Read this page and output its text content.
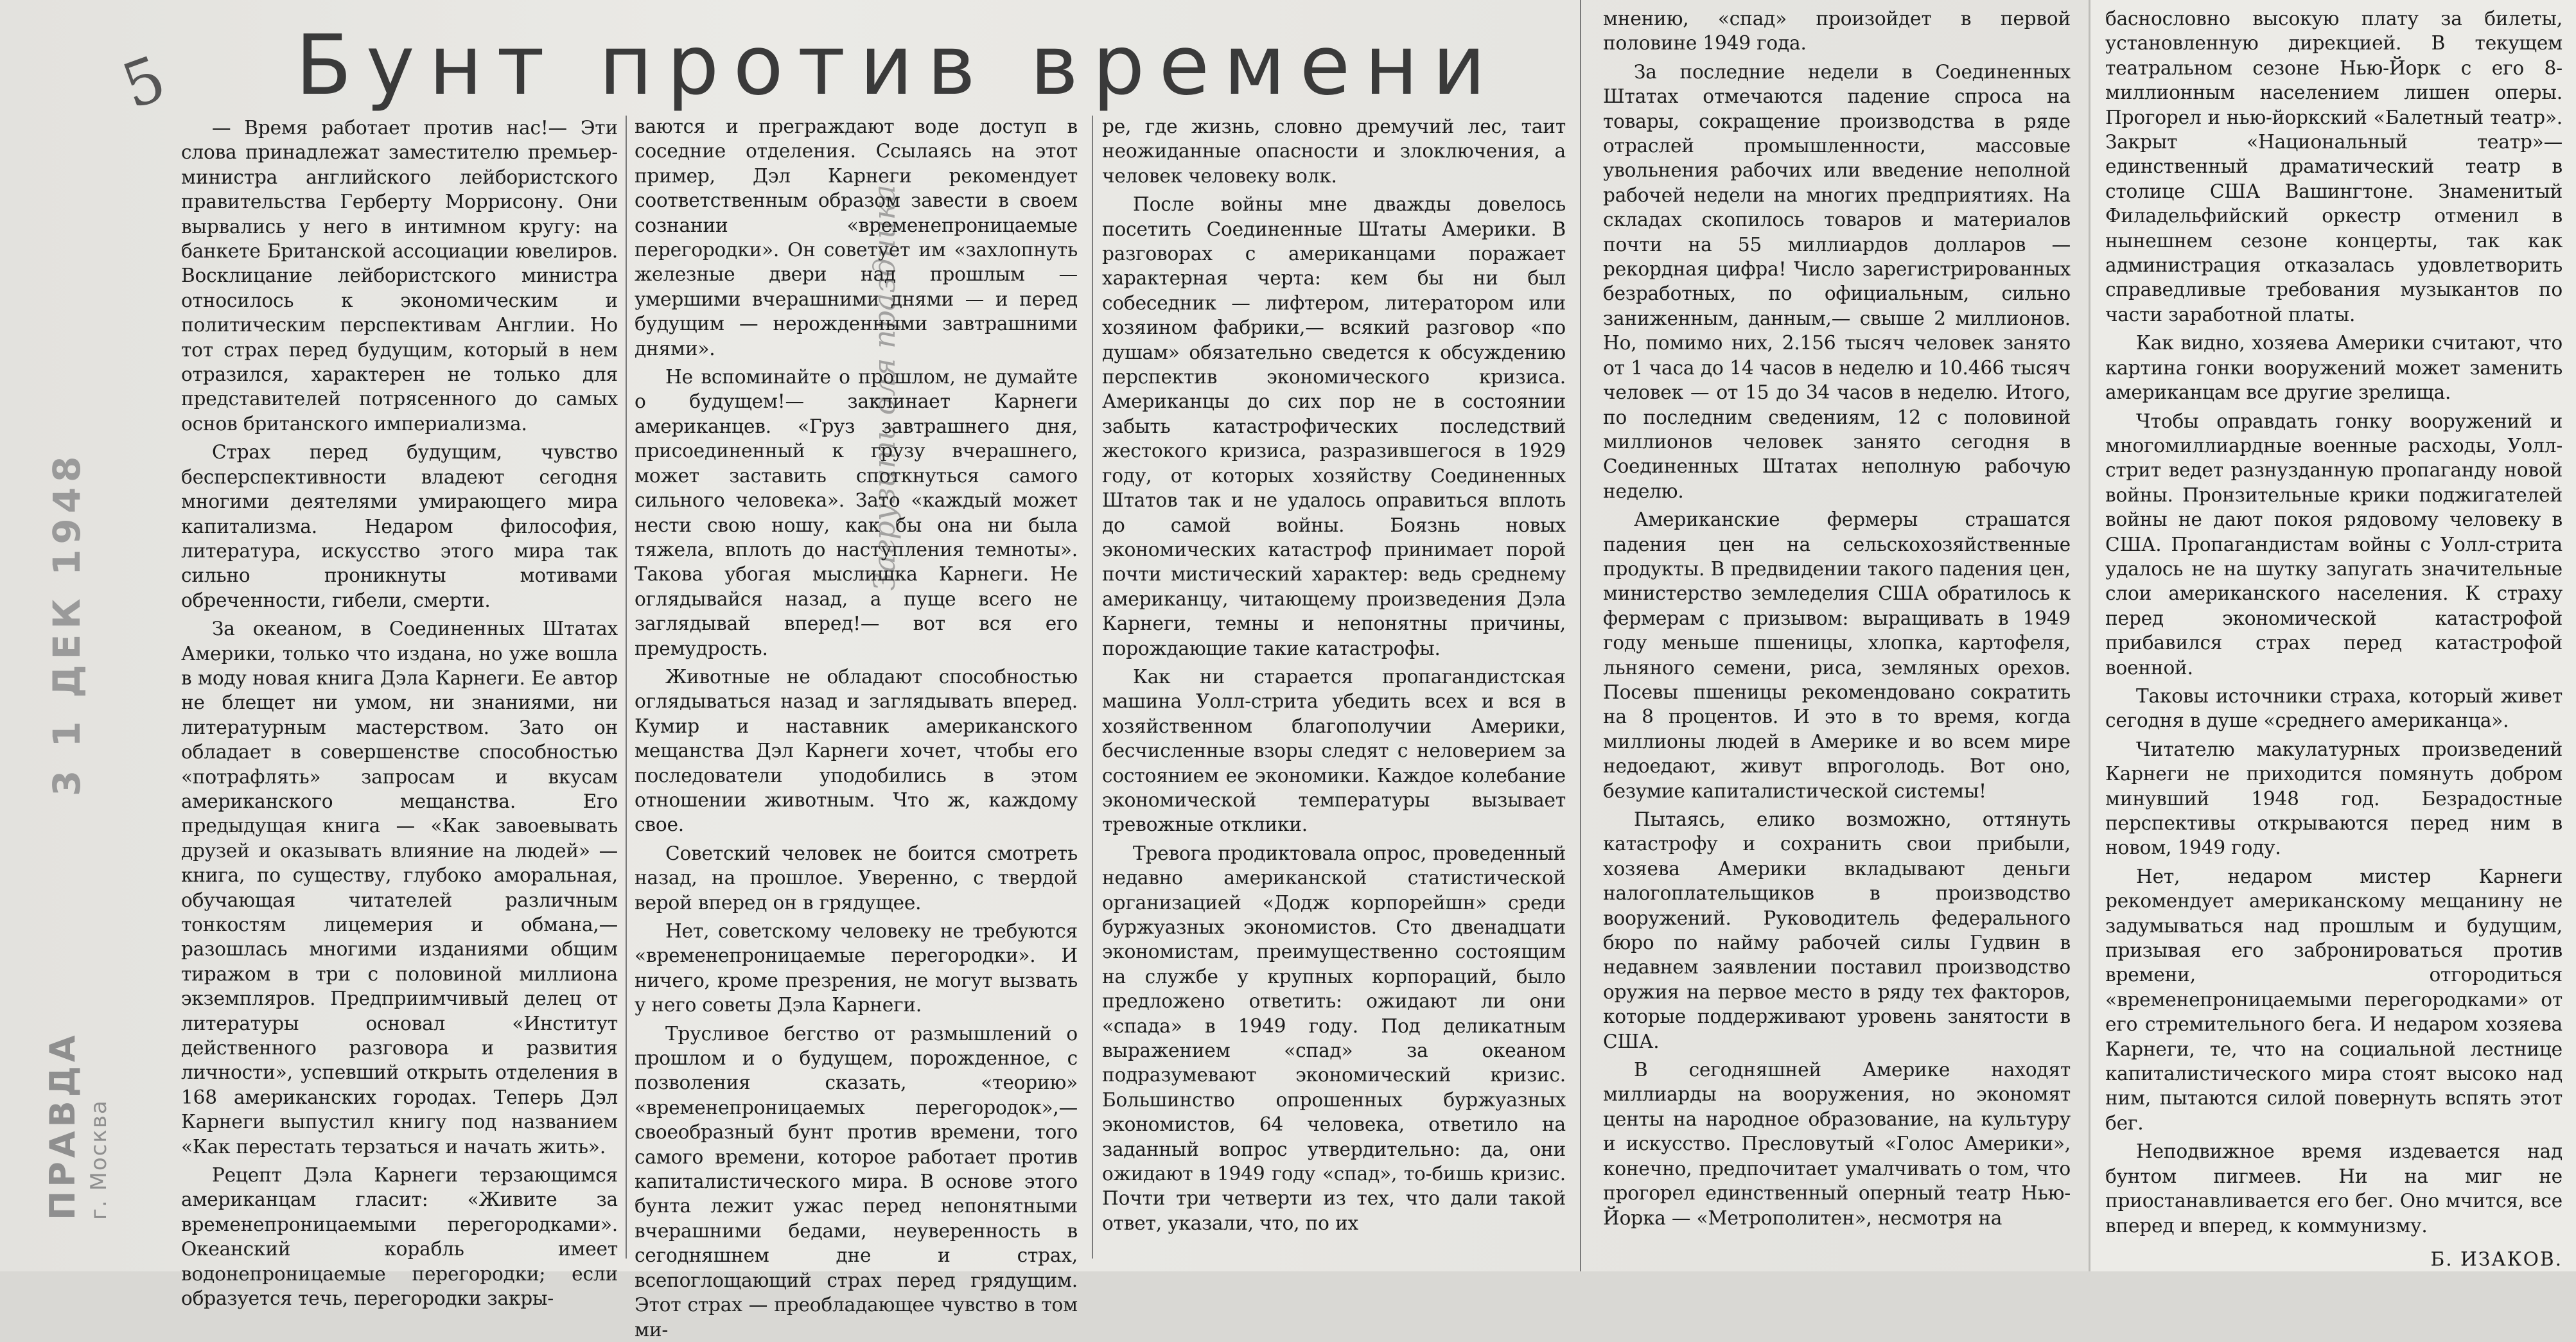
5
Загрузить для праздника
3 1 ДЕК 1948
ПРАВДА г. Москва
Бунт против времени

— Время работает против нас!— Эти слова принадлежат заместителю премьер-министра английского лейбористского правительства Герберту Моррисону. Они вырвались у него в интимном кругу: на банкете Британской ассоциации ювелиров. Восклицание лейбористского министра относилось к экономическим и политическим перспективам Англии. Но тот страх перед будущим, который в нем отразился, характерен не только для представителей потрясенного до самых основ британского империализма.

Страх перед будущим, чувство бесперспективности владеют сегодня многими деятелями умирающего мира капитализма. Недаром философия, литература, искусство этого мира так сильно проникнуты мотивами обреченности, гибели, смерти.

За океаном, в Соединенных Штатах Америки, только что издана, но уже вошла в моду новая книга Дэла Карнеги. Ее автор не блещет ни умом, ни знаниями, ни литературным мастерством. Зато он обладает в совершенстве способностью «потрафлять» запросам и вкусам американского мещанства. Его предыдущая книга — «Как завоевывать друзей и оказывать влияние на людей» — книга, по существу, глубоко аморальная, обучающая читателей различным тонкостям лицемерия и обмана,— разошлась многими изданиями общим тиражом в три с половиной миллиона экземпляров. Предприимчивый делец от литературы основал «Институт действенного разговора и развития личности», успевший открыть отделения в 168 американских городах. Теперь Дэл Карнеги выпустил книгу под названием «Как перестать терзаться и начать жить».

Рецепт Дэла Карнеги терзающимся американцам гласит: «Живите за временепроницаемыми перегородками». Океанский корабль имеет водонепроницаемые перегородки; если образуется течь, перегородки закры-

ваются и преграждают воде доступ в соседние отделения. Ссылаясь на этот пример, Дэл Карнеги рекомендует соответственным образом завести в своем сознании «временепроницаемые перегородки». Он советует им «захлопнуть железные двери над прошлым — умершими вчерашними днями — и перед будущим — нерожденными завтрашними днями».

Не вспоминайте о прошлом, не думайте о будущем!— заклинает Карнеги американцев. «Груз завтрашнего дня, присоединенный к грузу вчерашнего, может заставить споткнуться самого сильного человека». Зато «каждый может нести свою ношу, как бы она ни была тяжела, вплоть до наступления темноты». Такова убогая мыслишка Карнеги. Не оглядывайся назад, а пуще всего не заглядывай вперед!— вот вся его премудрость.

Животные не обладают способностью оглядываться назад и заглядывать вперед. Кумир и наставник американского мещанства Дэл Карнеги хочет, чтобы его последователи уподобились в этом отношении животным. Что ж, каждому свое.

Советский человек не боится смотреть назад, на прошлое. Уверенно, с твердой верой вперед он в грядущее.

Нет, советскому человеку не требуются «временепроницаемые перегородки». И ничего, кроме презрения, не могут вызвать у него советы Дэла Карнеги.

Трусливое бегство от размышлений о прошлом и о будущем, порожденное, с позволения сказать, «теорию» «временепроницаемых перегородок»,—своеобразный бунт против времени, того самого времени, которое работает против капиталистического мира. В основе этого бунта лежит ужас перед непонятными вчерашними бедами, неуверенность в сегодняшнем дне и страх, всепоглощающий страх перед грядущим. Этот страх — преобладающее чувство в том ми-

ре, где жизнь, словно дремучий лес, таит неожиданные опасности и злоключения, а человек человеку волк.

После войны мне дважды довелось посетить Соединенные Штаты Америки. В разговорах с американцами поражает характерная черта: кем бы ни был собеседник — лифтером, литератором или хозяином фабрики,— всякий разговор «по душам» обязательно сведется к обсуждению перспектив экономического кризиса. Американцы до сих пор не в состоянии забыть катастрофических последствий жестокого кризиса, разразившегося в 1929 году, от которых хозяйству Соединенных Штатов так и не удалось оправиться вплоть до самой войны. Боязнь новых экономических катастроф принимает порой почти мистический характер: ведь среднему американцу, читающему произведения Дэла Карнеги, темны и непонятны причины, порождающие такие катастрофы.

Как ни старается пропагандистская машина Уолл-стрита убедить всех и вся в хозяйственном благополучии Америки, бесчисленные взоры следят с неловерием за состоянием ее экономики. Каждое колебание экономической температуры вызывает тревожные отклики.

Тревога продиктовала опрос, проведенный недавно американской статистической организацией «Додж корпорейшн» среди буржуазных экономистов. Сто двенадцати экономистам, преимущественно состоящим на службе у крупных корпораций, было предложено ответить: ожидают ли они «спада» в 1949 году. Под деликатным выражением «спад» за океаном подразумевают экономический кризис. Большинство опрошенных буржуазных экономистов, 64 человека, ответило на заданный вопрос утвердительно: да, они ожидают в 1949 году «спад», то-бишь кризис. Почти три четверти из тех, что дали такой ответ, указали, что, по их

мнению, «спад» произойдет в первой половине 1949 года.

За последние недели в Соединенных Штатах отмечаются падение спроса на товары, сокращение производства в ряде отраслей промышленности, массовые увольнения рабочих или введение неполной рабочей недели на многих предприятиях. На складах скопилось товаров и материалов почти на 55 миллиардов долларов — рекордная цифра! Число зарегистрированных безработных, по официальным, сильно заниженным, данным,— свыше 2 миллионов. Но, помимо них, 2.156 тысяч человек занято от 1 часа до 14 часов в неделю и 10.466 тысяч человек — от 15 до 34 часов в неделю. Итого, по последним сведениям, 12 с половиной миллионов человек занято сегодня в Соединенных Штатах неполную рабочую неделю.

Американские фермеры страшатся падения цен на сельскохозяйственные продукты. В предвидении такого падения цен, министерство земледелия США обратилось к фермерам с призывом: выращивать в 1949 году меньше пшеницы, хлопка, картофеля, льняного семени, риса, земляных орехов. Посевы пшеницы рекомендовано сократить на 8 процентов. И это в то время, когда миллионы людей в Америке и во всем мире недоедают, живут впроголодь. Вот оно, безумие капиталистической системы!

Пытаясь, елико возможно, оттянуть катастрофу и сохранить свои прибыли, хозяева Америки вкладывают деньги налогоплательщиков в производство вооружений. Руководитель федерального бюро по найму рабочей силы Гудвин в недавнем заявлении поставил производство оружия на первое место в ряду тех факторов, которые поддерживают уровень занятости в США.

В сегодняшней Америке находят миллиарды на вооружения, но экономят центы на народное образование, на культуру и искусство. Пресловутый «Голос Америки», конечно, предпочитает умалчивать о том, что прогорел единственный оперный театр Нью-Йорка — «Метрополитен», несмотря на

баснословно высокую плату за билеты, установленную дирекцией. В текущем театральном сезоне Нью-Йорк с его 8-миллионным населением лишен оперы. Прогорел и нью-йоркский «Балетный театр». Закрыт «Национальный театр»—единственный драматический театр в столице США Вашингтоне. Знаменитый Филадельфийский оркестр отменил в нынешнем сезоне концерты, так как администрация отказалась удовлетворить справедливые требования музыкантов по части заработной платы.

Как видно, хозяева Америки считают, что картина гонки вооружений может заменить американцам все другие зрелища.

Чтобы оправдать гонку вооружений и многомиллиардные военные расходы, Уолл-стрит ведет разнузданную пропаганду новой войны. Пронзительные крики поджигателей войны не дают покоя рядовому человеку в США. Пропагандистам войны с Уолл-стрита удалось не на шутку запугать значительные слои американского населения. К страху перед экономической катастрофой прибавился страх перед катастрофой военной.

Таковы источники страха, который живет сегодня в душе «среднего американца».

Читателю макулатурных произведений Карнеги не приходится помянуть добром минувший 1948 год. Безрадостные перспективы открываются перед ним в новом, 1949 году.

Нет, недаром мистер Карнеги рекомендует американскому мещанину не задумываться над прошлым и будущим, призывая его забронироваться против времени, отгородиться «временепроницаемыми перегородками» от его стремительного бега. И недаром хозяева Карнеги, те, что на социальной лестнице капиталистического мира стоят высоко над ним, пытаются силой повернуть вспять этот бег.

Неподвижное время издевается над бунтом пигмеев. Ни на миг не приостанавливается его бег. Оно мчится, все вперед и вперед, к коммунизму.

Б. ИЗАКОВ.
